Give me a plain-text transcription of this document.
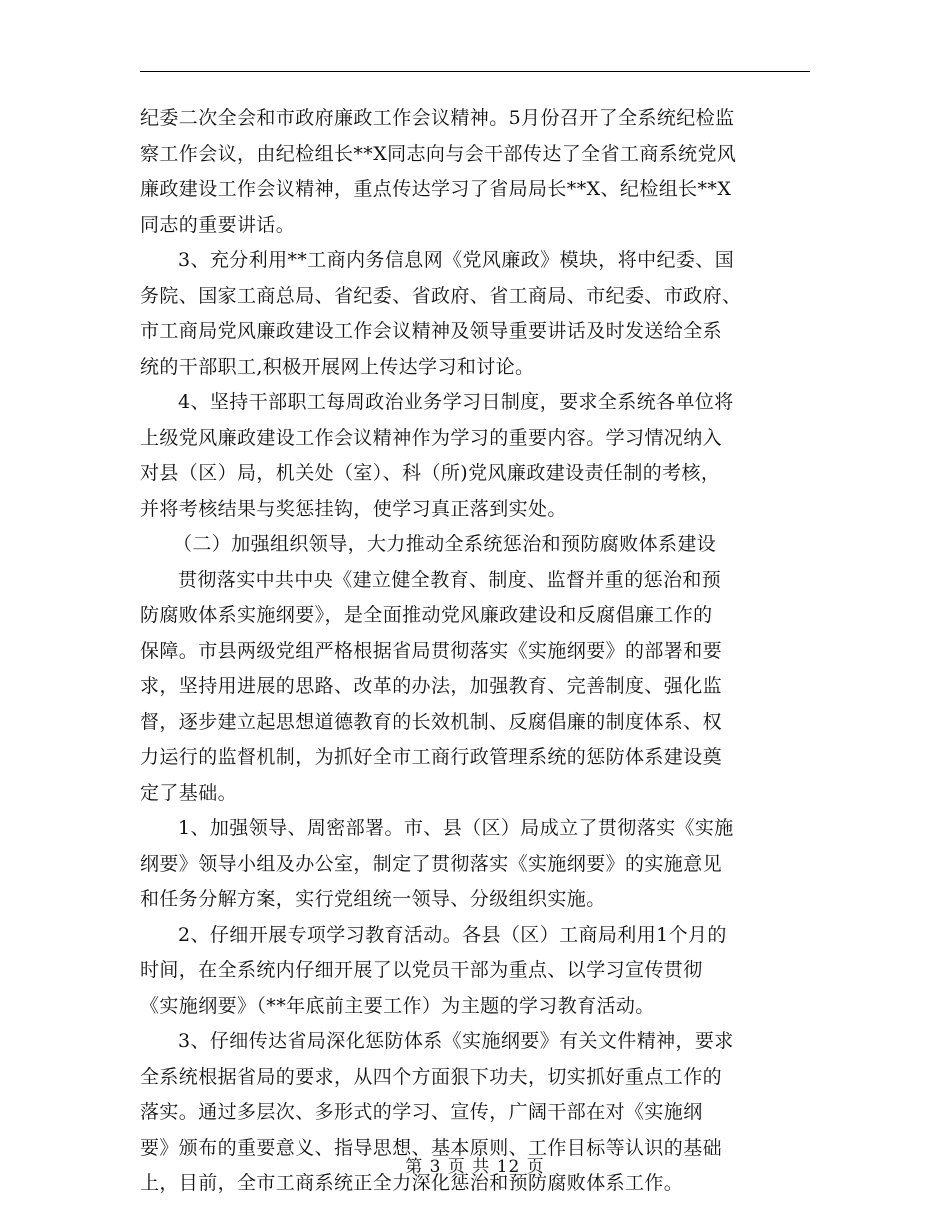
纪委二次全会和市政府廉政工作会议精神。5月份召开了全系统纪检监
察工作会议，由纪检组长**X同志向与会干部传达了全省工商系统党风
廉政建设工作会议精神，重点传达学习了省局局长**X、纪检组长**X
同志的重要讲话。
3、充分利用**工商内务信息网《党风廉政》模块，将中纪委、国
务院、国家工商总局、省纪委、省政府、省工商局、市纪委、市政府、
市工商局党风廉政建设工作会议精神及领导重要讲话及时发送给全系
统的干部职工,积极开展网上传达学习和讨论。
4、坚持干部职工每周政治业务学习日制度，要求全系统各单位将
上级党风廉政建设工作会议精神作为学习的重要内容。学习情况纳入
对县（区）局，机关处（室）、科（所)党风廉政建设责任制的考核，
并将考核结果与奖惩挂钩，使学习真正落到实处。
（二）加强组织领导，大力推动全系统惩治和预防腐败体系建设
贯彻落实中共中央《建立健全教育、制度、监督并重的惩治和预
防腐败体系实施纲要》，是全面推动党风廉政建设和反腐倡廉工作的
保障。市县两级党组严格根据省局贯彻落实《实施纲要》的部署和要
求，坚持用进展的思路、改革的办法，加强教育、完善制度、强化监
督，逐步建立起思想道德教育的长效机制、反腐倡廉的制度体系、权
力运行的监督机制，为抓好全市工商行政管理系统的惩防体系建设奠
定了基础。
1、加强领导、周密部署。市、县（区）局成立了贯彻落实《实施
纲要》领导小组及办公室，制定了贯彻落实《实施纲要》的实施意见
和任务分解方案，实行党组统一领导、分级组织实施。
2、仔细开展专项学习教育活动。各县（区）工商局利用1个月的
时间，在全系统内仔细开展了以党员干部为重点、以学习宣传贯彻
《实施纲要》（**年底前主要工作）为主题的学习教育活动。
3、仔细传达省局深化惩防体系《实施纲要》有关文件精神，要求
全系统根据省局的要求，从四个方面狠下功夫，切实抓好重点工作的
落实。通过多层次、多形式的学习、宣传，广阔干部在对《实施纲
要》颁布的重要意义、指导思想、基本原则、工作目标等认识的基础
上，目前，全市工商系统正全力深化惩治和预防腐败体系工作。
第 3 页 共 12 页
